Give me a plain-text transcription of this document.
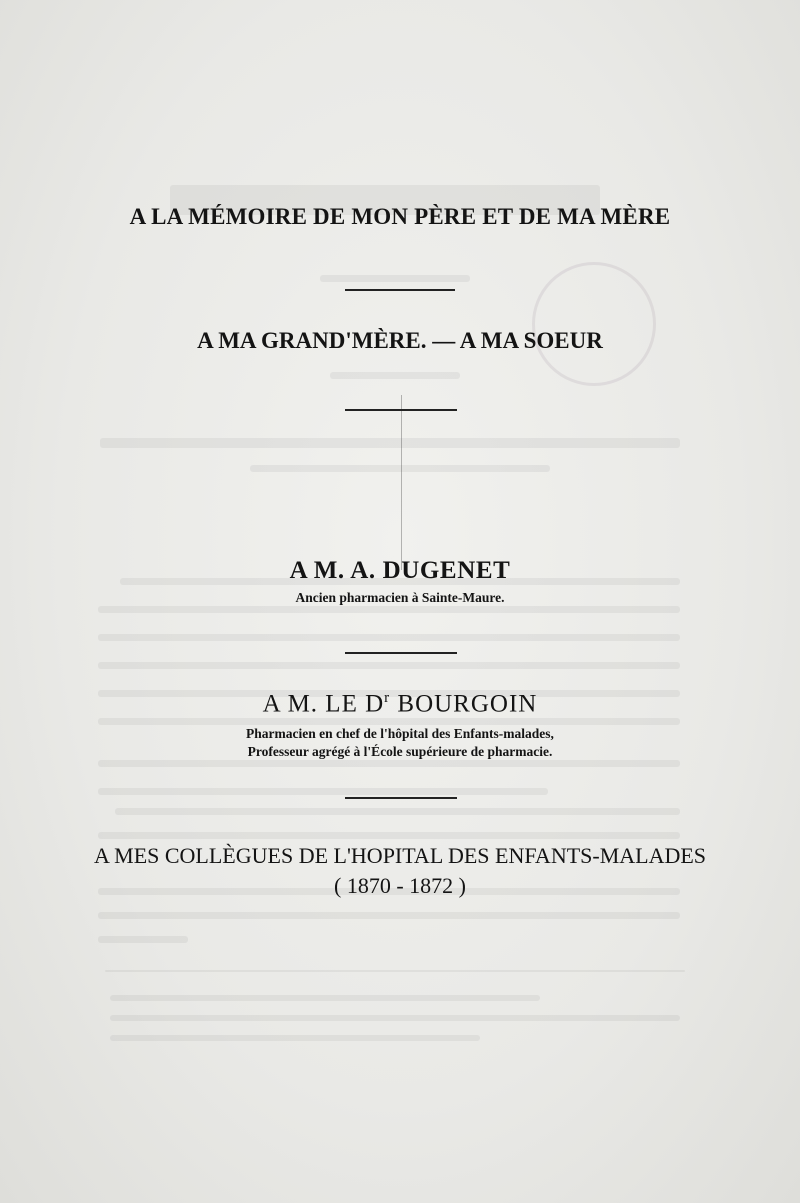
A LA MÉMOIRE DE MON PÈRE ET DE MA MÈRE
A MA GRAND'MÈRE. — A MA SOEUR
A M. A. DUGENET
Ancien pharmacien à Sainte-Maure.
A M. LE $D^r$ BOURGOIN
Pharmacien en chef de l'hôpital des Enfants-malades,
Professeur agrégé à l'École supérieure de pharmacie.
A MES COLLÈGUES DE L'HOPITAL DES ENFANTS-MALADES
( 1870 - 1872 )
